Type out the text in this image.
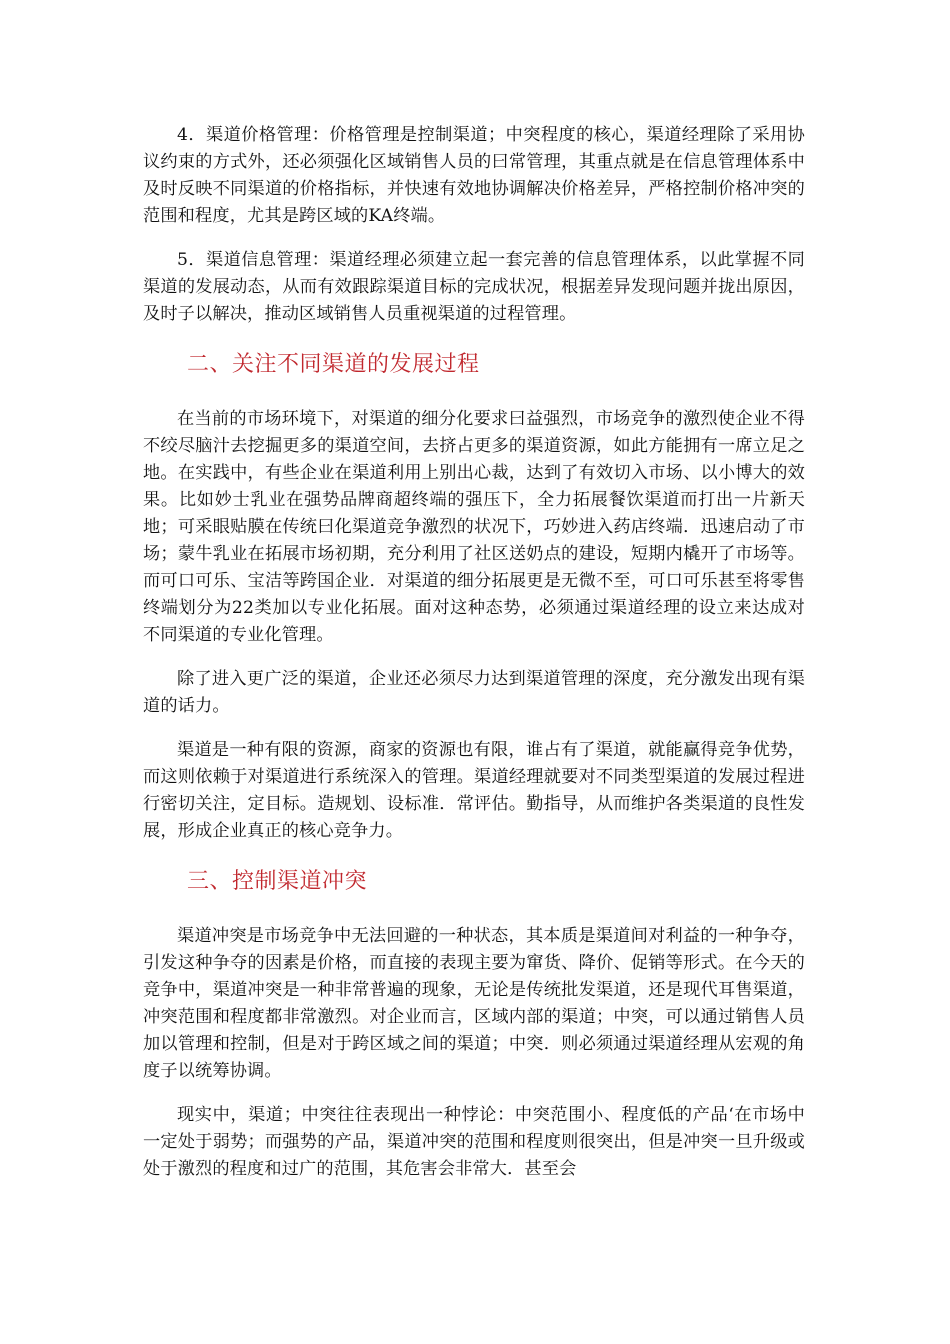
4．渠道价格管理：价格管理是控制渠道；中突程度的核心，渠道经理除了采用协议约束的方式外，还必须强化区域销售人员的曰常管理，其重点就是在信息管理体系中及时反映不同渠道的价格指标，并快速有效地协调解决价格差异，严格控制价格冲突的范围和程度，尤其是跨区域的KA终端。

5．渠道信息管理：渠道经理必须建立起一套完善的信息管理体系，以此掌握不同渠道的发展动态，从而有效跟踪渠道目标的完成状况，根据差异发现问题并拢出原因，及时子以解决，推动区域销售人员重视渠道的过程管理。

二、关注不同渠道的发展过程

在当前的市场环境下，对渠道的细分化要求曰益强烈，市场竞争的激烈使企业不得不绞尽脑汁去挖掘更多的渠道空间，去挤占更多的渠道资源，如此方能拥有一席立足之地。在实践中，有些企业在渠道利用上别出心裁，达到了有效切入市场、以小博大的效果。比如妙士乳业在强势品牌商超终端的强压下，全力拓展餐饮渠道而打出一片新天地；可采眼贴膜在传统曰化渠道竞争激烈的状况下，巧妙进入药店终端．迅速启动了市场；蒙牛乳业在拓展市场初期，充分利用了社区送奶点的建设，短期内橇开了市场等。而可口可乐、宝洁等跨国企业．对渠道的细分拓展更是无微不至，可口可乐甚至将零售终端划分为22类加以专业化拓展。面对这种态势，必须通过渠道经理的设立来达成对不同渠道的专业化管理。

除了进入更广泛的渠道，企业还必须尽力达到渠道管理的深度，充分激发出现有渠道的话力。

渠道是一种有限的资源，商家的资源也有限，谁占有了渠道，就能赢得竞争优势，而这则依赖于对渠道进行系统深入的管理。渠道经理就要对不同类型渠道的发展过程进行密切关注，定目标。造规划、设标准．常评估。勤指导，从而维护各类渠道的良性发展，形成企业真正的核心竞争力。

三、控制渠道冲突

渠道冲突是市场竞争中无法回避的一种状态，其本质是渠道间对利益的一种争夺，引发这种争夺的因素是价格，而直接的表现主要为窜货、降价、促销等形式。在今天的竞争中，渠道冲突是一种非常普遍的现象，无论是传统批发渠道，还是现代耳售渠道，冲突范围和程度都非常激烈。对企业而言，区域内部的渠道；中突，可以通过销售人员加以管理和控制，但是对于跨区域之间的渠道；中突．则必须通过渠道经理从宏观的角度子以统筹协调。

现实中，渠道；中突往往表现出一种悖论：中突范围小、程度低的产品‘在市场中一定处于弱势；而强势的产品，渠道冲突的范围和程度则很突出，但是冲突一旦升级或处于激烈的程度和过广的范围，其危害会非常大．甚至会
